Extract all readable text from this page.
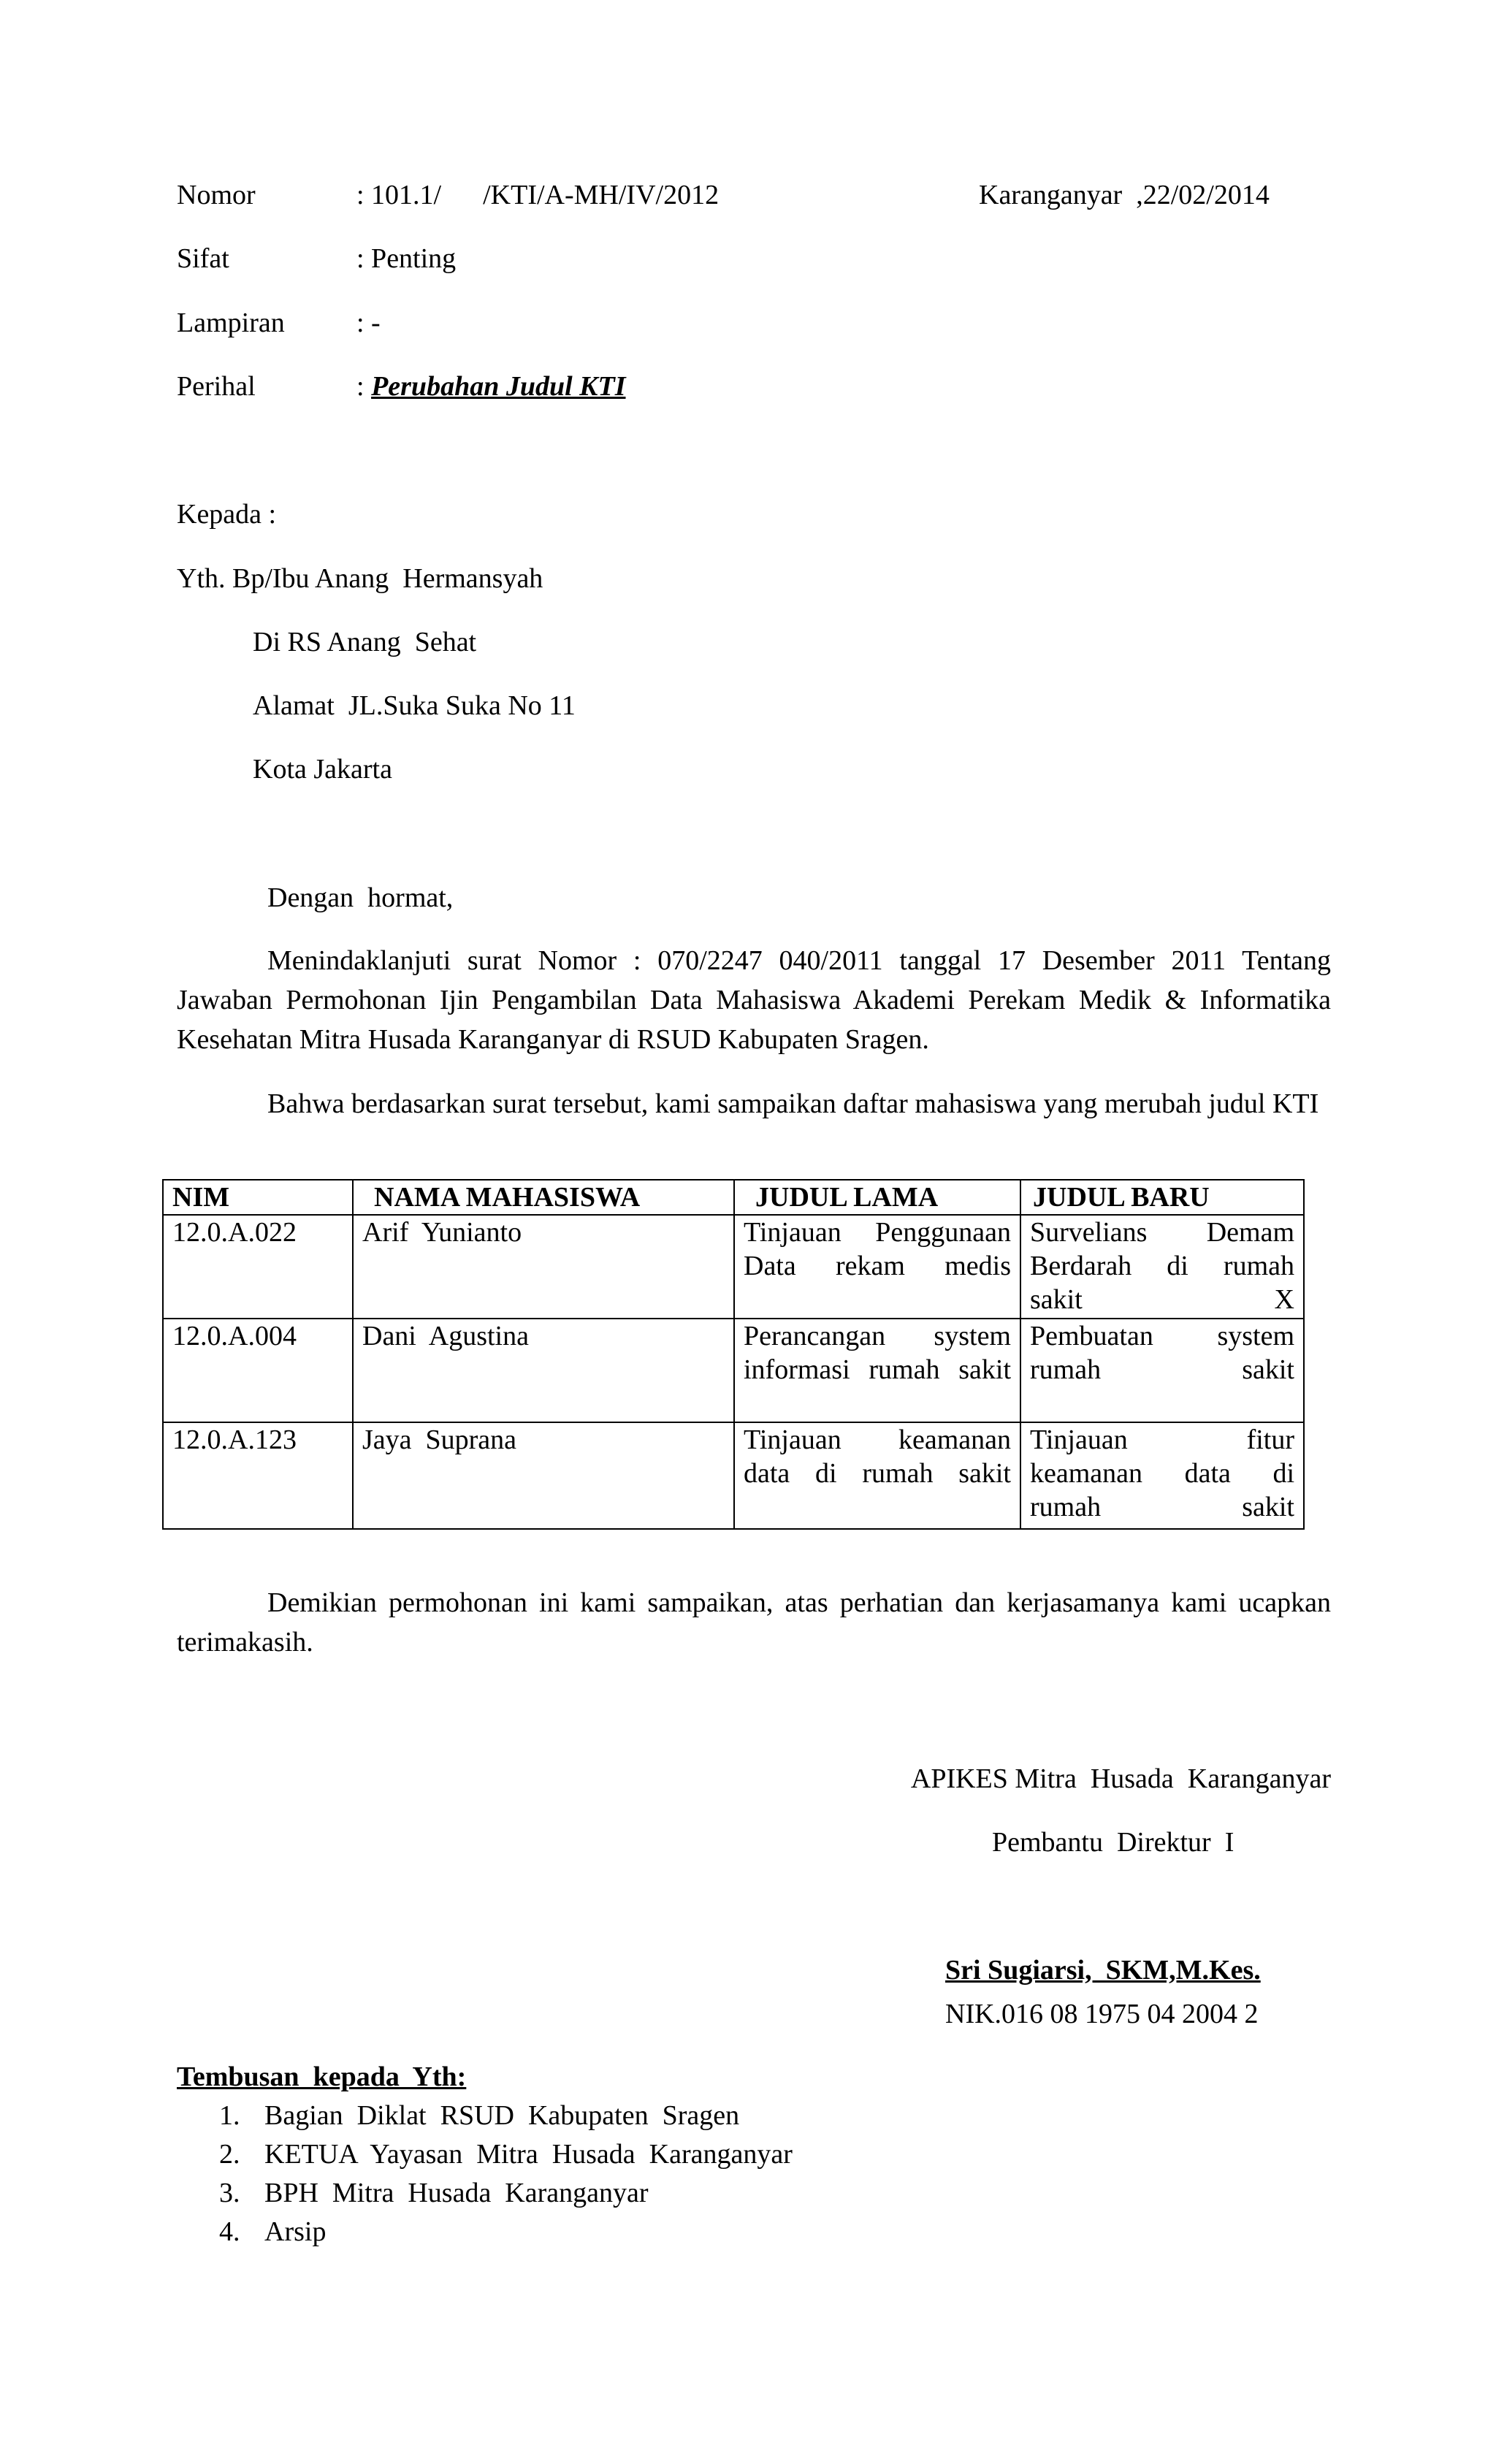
Nomor	: 101.1/      /KTI/A-MH/IV/2012	Karanganyar  ,22/02/2014
Sifat	: Penting
Lampiran	: -
Perihal	: Perubahan Judul KTI
Kepada :
Yth. Bp/Ibu Anang  Hermansyah
Di RS Anang  Sehat
Alamat  JL.Suka Suka No 11
Kota Jakarta
Dengan  hormat,
Menindaklanjuti surat Nomor : 070/2247 040/2011 tanggal 17 Desember 2011 Tentang Jawaban Permohonan Ijin Pengambilan Data Mahasiswa Akademi Perekam Medik & Informatika Kesehatan Mitra Husada Karanganyar di RSUD Kabupaten Sragen.
Bahwa berdasarkan surat tersebut, kami sampaikan daftar mahasiswa yang merubah judul KTI
NIM	NAMA MAHASISWA	JUDUL LAMA	JUDUL BARU
12.0.A.022	Arif  Yunianto	Tinjauan Penggunaan Data rekam medis	Survelians Demam Berdarah di rumah sakit X
12.0.A.004	Dani  Agustina	Perancangan system informasi rumah sakit	Pembuatan system rumah sakit
12.0.A.123	Jaya  Suprana	Tinjauan keamanan data di rumah sakit	Tinjauan fitur keamanan data di rumah sakit
Demikian permohonan ini kami sampaikan, atas perhatian dan kerjasamanya kami ucapkan terimakasih.
APIKES Mitra  Husada  Karanganyar
Pembantu  Direktur  I
Sri Sugiarsi,  SKM,M.Kes.
NIK.016 08 1975 04 2004 2
Tembusan  kepada  Yth:
1. Bagian  Diklat  RSUD  Kabupaten  Sragen
2. KETUA  Yayasan  Mitra  Husada  Karanganyar
3. BPH  Mitra  Husada  Karanganyar
4. Arsip
